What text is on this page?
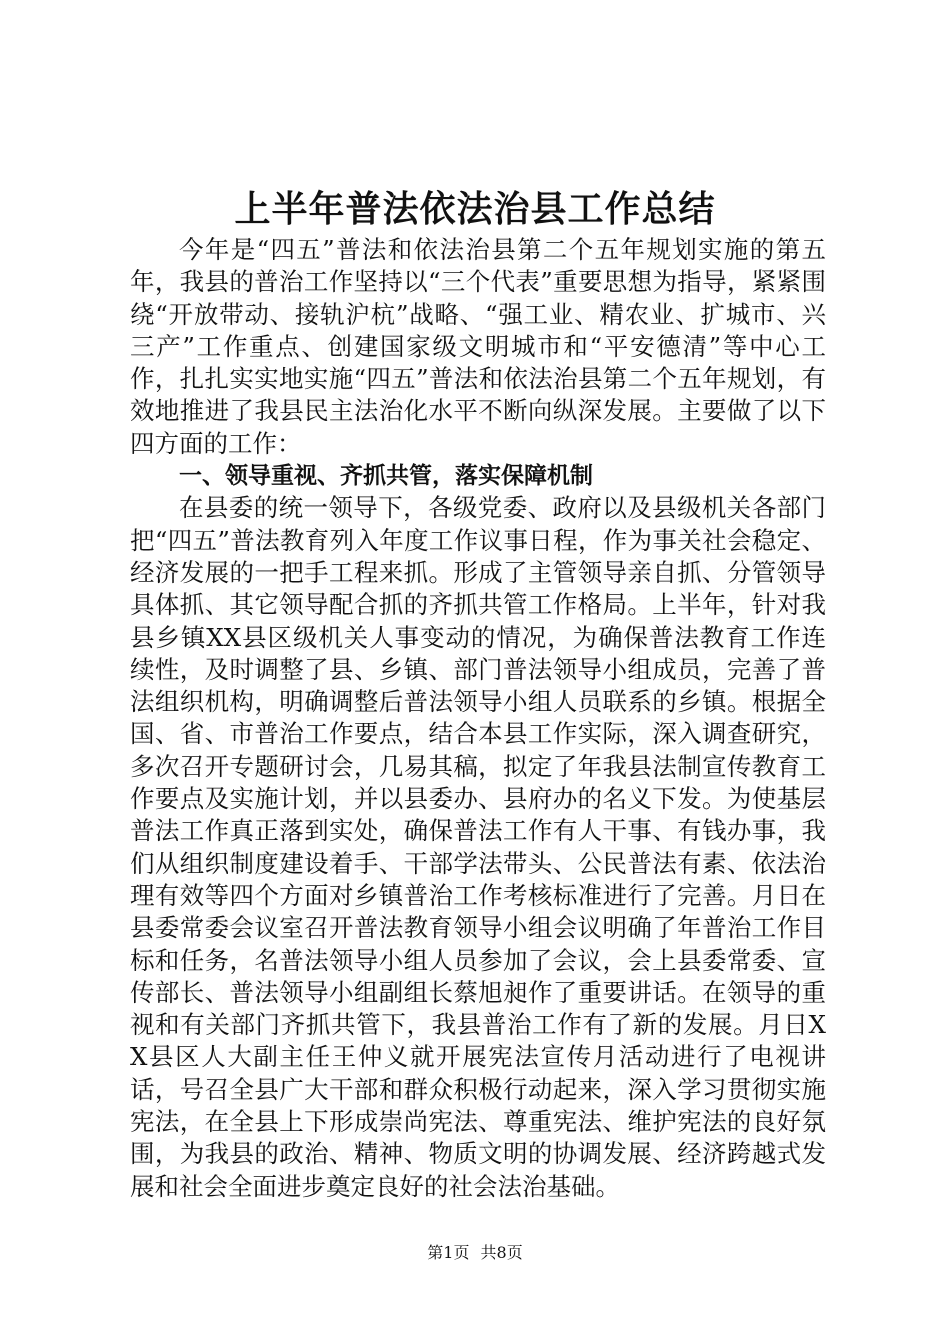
上半年普法依法治县工作总结

今年是“四五”普法和依法治县第二个五年规划实施的第五年，我县的普治工作坚持以“三个代表”重要思想为指导，紧紧围绕“开放带动、接轨沪杭”战略、“强工业、精农业、扩城市、兴三产”工作重点、创建国家级文明城市和“平安德清”等中心工作，扎扎实实地实施“四五”普法和依法治县第二个五年规划，有效地推进了我县民主法治化水平不断向纵深发展。主要做了以下四方面的工作：

一、领导重视、齐抓共管，落实保障机制

在县委的统一领导下，各级党委、政府以及县级机关各部门把“四五”普法教育列入年度工作议事日程，作为事关社会稳定、经济发展的一把手工程来抓。形成了主管领导亲自抓、分管领导具体抓、其它领导配合抓的齐抓共管工作格局。上半年，针对我县乡镇XX县区级机关人事变动的情况，为确保普法教育工作连续性，及时调整了县、乡镇、部门普法领导小组成员，完善了普法组织机构，明确调整后普法领导小组人员联系的乡镇。根据全国、省、市普治工作要点，结合本县工作实际，深入调查研究，多次召开专题研讨会，几易其稿，拟定了年我县法制宣传教育工作要点及实施计划，并以县委办、县府办的名义下发。为使基层普法工作真正落到实处，确保普法工作有人干事、有钱办事，我们从组织制度建设着手、干部学法带头、公民普法有素、依法治理有效等四个方面对乡镇普治工作考核标准进行了完善。月日在县委常委会议室召开普法教育领导小组会议明确了年普治工作目标和任务，名普法领导小组人员参加了会议，会上县委常委、宣传部长、普法领导小组副组长蔡旭昶作了重要讲话。在领导的重视和有关部门齐抓共管下，我县普治工作有了新的发展。月日XX县区人大副主任王仲义就开展宪法宣传月活动进行了电视讲话，号召全县广大干部和群众积极行动起来，深入学习贯彻实施宪法，在全县上下形成崇尚宪法、尊重宪法、维护宪法的良好氛围，为我县的政治、精神、物质文明的协调发展、经济跨越式发展和社会全面进步奠定良好的社会法治基础。

第1页 共8页
